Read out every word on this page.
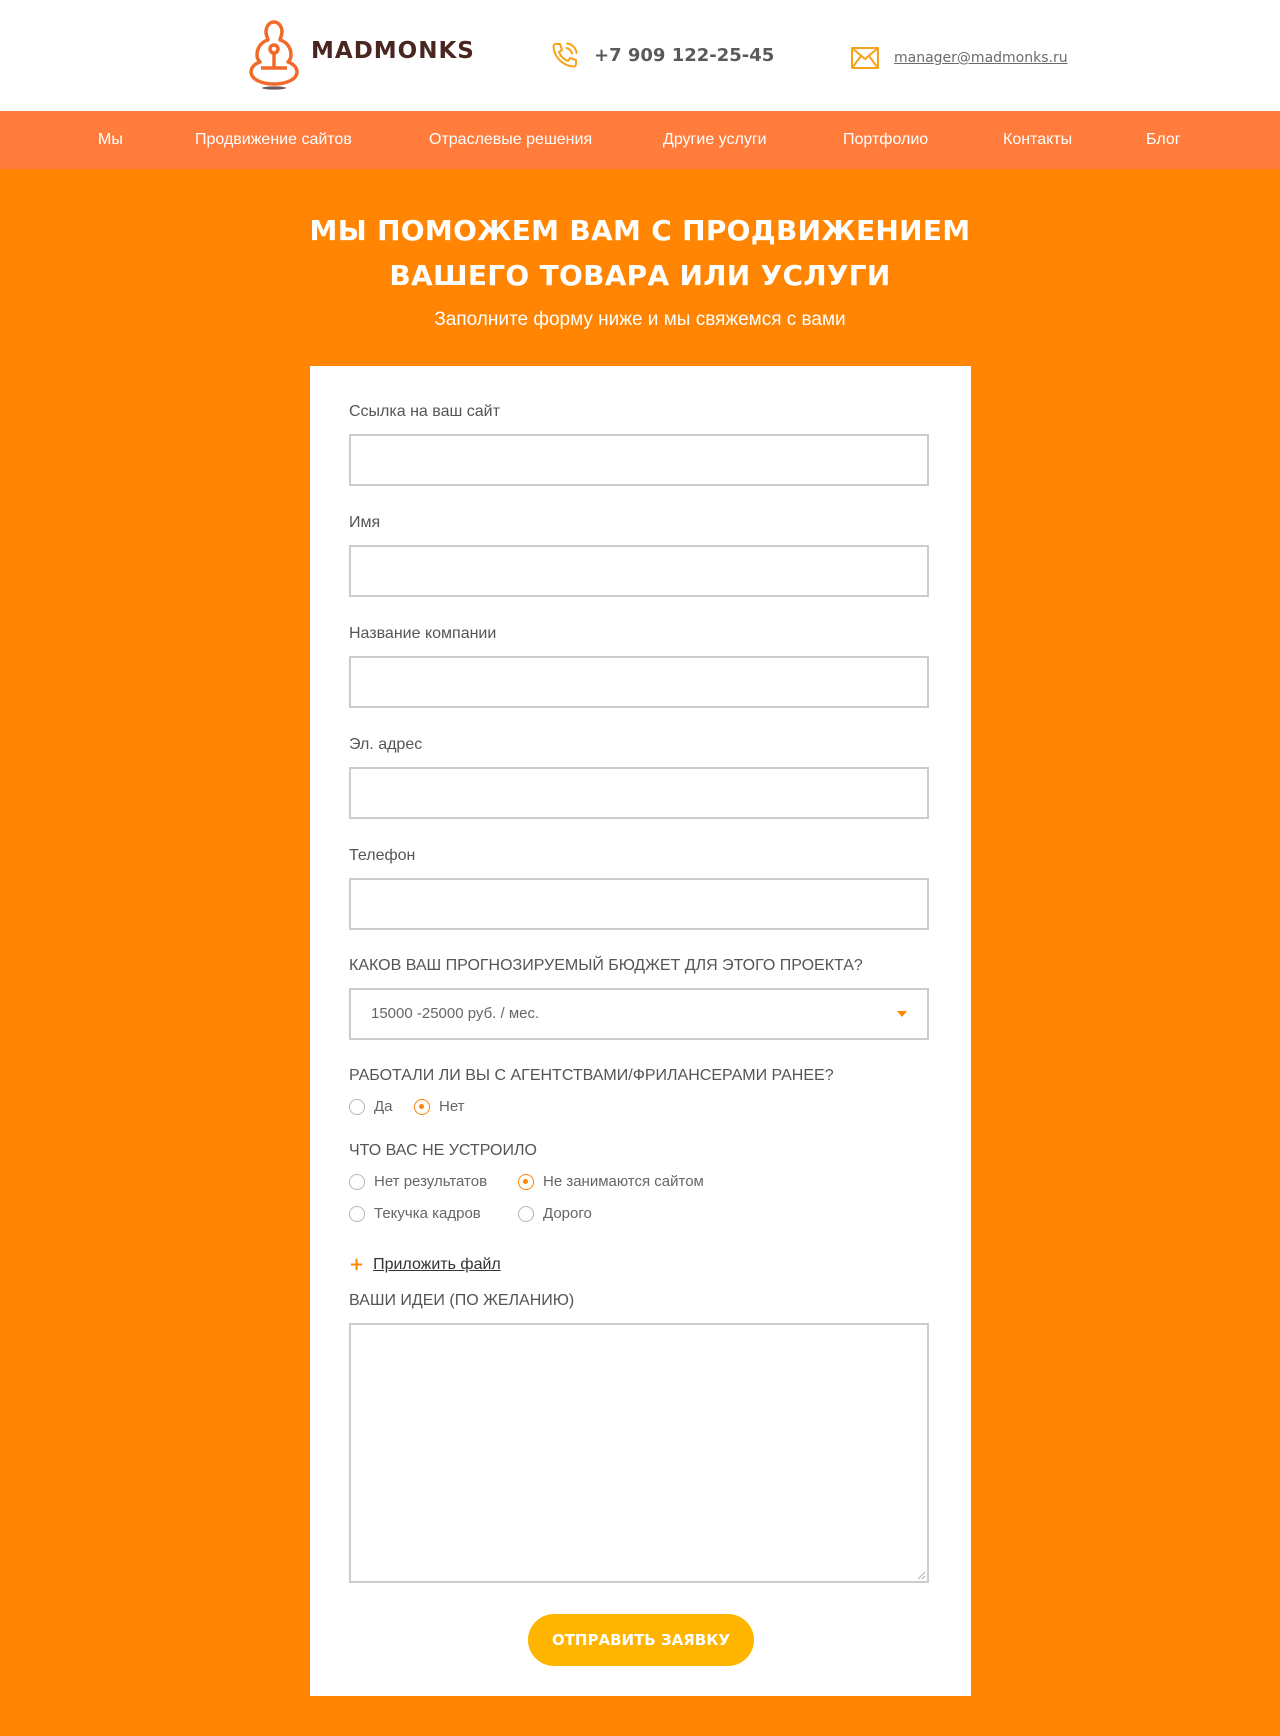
MADMONKS	+7 909 122-25-45	manager@madmonks.ru
Мы	Продвижение сайтов	Отраслевые решения	Другие услуги	Портфолио	Контакты	Блог
МЫ ПОМОЖЕМ ВАМ С ПРОДВИЖЕНИЕМ
ВАШЕГО ТОВАРА ИЛИ УСЛУГИ
Заполните форму ниже и мы свяжемся с вами
Ссылка на ваш сайт
Имя
Название компании
Эл. адрес
Телефон
КАКОВ ВАШ ПРОГНОЗИРУЕМЫЙ БЮДЖЕТ ДЛЯ ЭТОГО ПРОЕКТА?
15000 -25000 руб. / мес.
РАБОТАЛИ ЛИ ВЫ С АГЕНТСТВАМИ/ФРИЛАНСЕРАМИ РАНЕЕ?
Да	Нет
ЧТО ВАС НЕ УСТРОИЛО
Нет результатов	Не занимаются сайтом
Текучка кадров	Дорого
+ Приложить файл
ВАШИ ИДЕИ (ПО ЖЕЛАНИЮ)
ОТПРАВИТЬ ЗАЯВКУ
